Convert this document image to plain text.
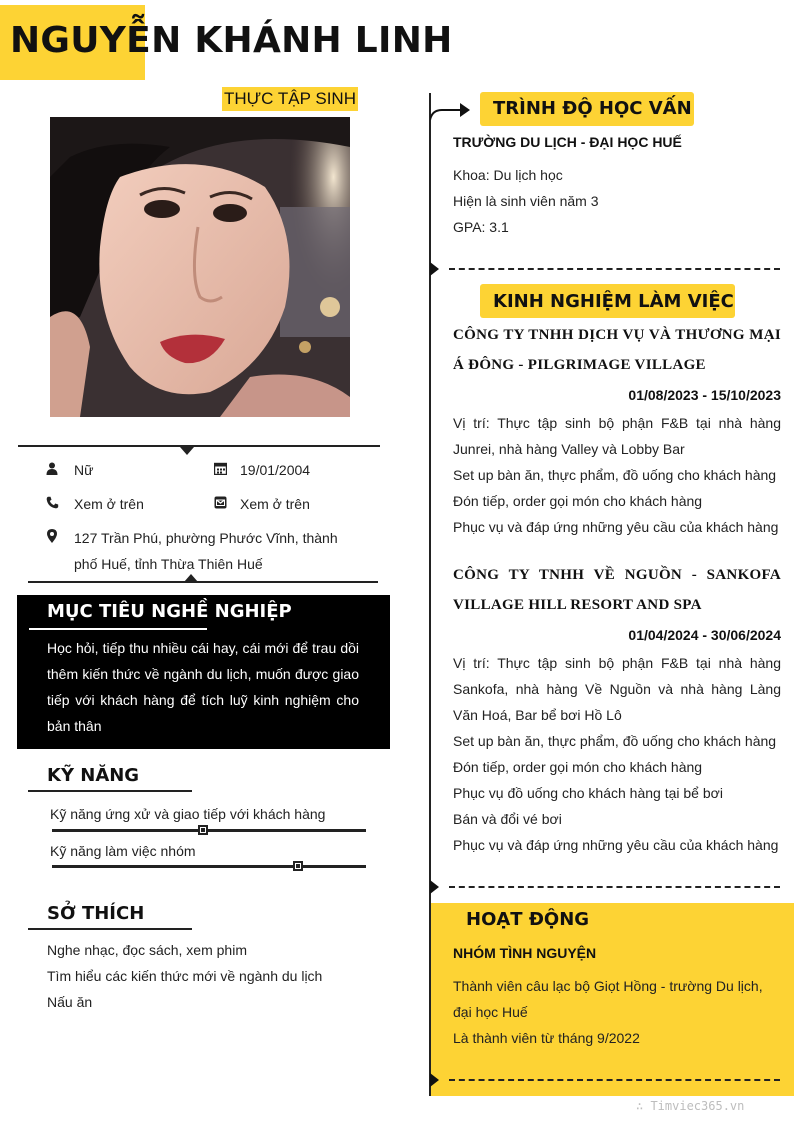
NGUYỄN KHÁNH LINH
THỰC TẬP SINH
Nữ	19/01/2004
Xem ở trên	Xem ở trên
127 Trần Phú, phường Phước Vĩnh, thành
phố Huế, tỉnh Thừa Thiên Huế
MỤC TIÊU NGHỀ NGHIỆP
Học hỏi, tiếp thu nhiều cái hay, cái mới để trau dồi thêm kiến thức về ngành du lịch, muốn được giao tiếp với khách hàng để tích luỹ kinh nghiệm cho bản thân
KỸ NĂNG
Kỹ năng ứng xử và giao tiếp với khách hàng
Kỹ năng làm việc nhóm
SỞ THÍCH
Nghe nhạc, đọc sách, xem phim
Tìm hiểu các kiến thức mới về ngành du lịch
Nấu ăn
TRÌNH ĐỘ HỌC VẤN
TRƯỜNG DU LỊCH - ĐẠI HỌC HUẾ
Khoa: Du lịch học
Hiện là sinh viên năm 3
GPA: 3.1
KINH NGHIỆM LÀM VIỆC
CÔNG TY TNHH DỊCH VỤ VÀ THƯƠNG MẠI
Á ĐÔNG - PILGRIMAGE VILLAGE
01/08/2023 - 15/10/2023
Vị trí: Thực tập sinh bộ phận F&B tại nhà hàng Junrei, nhà hàng Valley và Lobby Bar
Set up bàn ăn, thực phẩm, đồ uống cho khách hàng
Đón tiếp, order gọi món cho khách hàng
Phục vụ và đáp ứng những yêu cầu của khách hàng
CÔNG TY TNHH VỀ NGUỒN - SANKOFA
VILLAGE HILL RESORT AND SPA
01/04/2024 - 30/06/2024
Vị trí: Thực tập sinh bộ phận F&B tại nhà hàng Sankofa, nhà hàng Về Nguồn và nhà hàng Làng Văn Hoá, Bar bể bơi Hồ Lô
Set up bàn ăn, thực phẩm, đồ uống cho khách hàng
Đón tiếp, order gọi món cho khách hàng
Phục vụ đồ uống cho khách hàng tại bể bơi
Bán và đổi vé bơi
Phục vụ và đáp ứng những yêu cầu của khách hàng
HOẠT ĐỘNG
NHÓM TÌNH NGUYỆN
Thành viên câu lạc bộ Giọt Hồng - trường Du lịch, đại học Huế
Là thành viên từ tháng 9/2022
∴ Timviec365.vn
